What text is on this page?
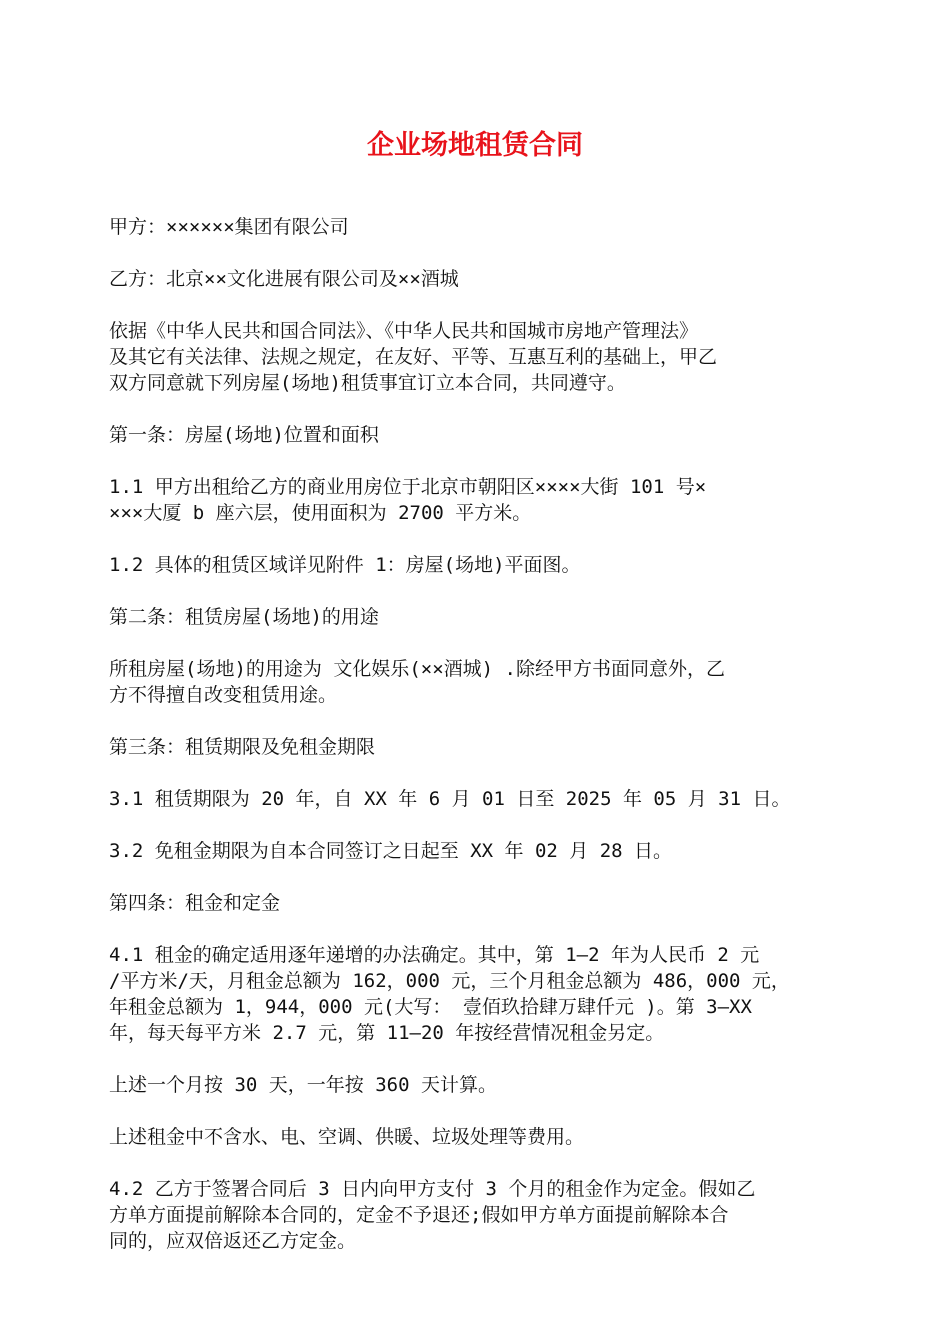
企业场地租赁合同
甲方：××××××集团有限公司
乙方：北京××文化进展有限公司及××酒城
依据《中华人民共和国合同法》、《中华人民共和国城市房地产管理法》
及其它有关法律、法规之规定，在友好、平等、互惠互利的基础上，甲乙
双方同意就下列房屋(场地)租赁事宜订立本合同，共同遵守。
第一条：房屋(场地)位置和面积
1.1 甲方出租给乙方的商业用房位于北京市朝阳区××××大街 101 号×
×××大厦 b 座六层，使用面积为 2700 平方米。
1.2 具体的租赁区域详见附件 1：房屋(场地)平面图。
第二条：租赁房屋(场地)的用途
所租房屋(场地)的用途为 文化娱乐(××酒城) .除经甲方书面同意外，乙
方不得擅自改变租赁用途。
第三条：租赁期限及免租金期限
3.1 租赁期限为 20 年，自 XX 年 6 月 01 日至 2025 年 05 月 31 日。
3.2 免租金期限为自本合同签订之日起至 XX 年 02 月 28 日。
第四条：租金和定金
4.1 租金的确定适用逐年递增的办法确定。其中，第 1—2 年为人民币 2 元
/平方米/天，月租金总额为 162，000 元，三个月租金总额为 486，000 元，
年租金总额为 1，944，000 元(大写： 壹佰玖拾肆万肆仟元 )。第 3—XX
年，每天每平方米 2.7 元，第 11—20 年按经营情况租金另定。
上述一个月按 30 天，一年按 360 天计算。
上述租金中不含水、电、空调、供暖、垃圾处理等费用。
4.2 乙方于签署合同后 3 日内向甲方支付 3 个月的租金作为定金。假如乙
方单方面提前解除本合同的，定金不予退还;假如甲方单方面提前解除本合
同的，应双倍返还乙方定金。
